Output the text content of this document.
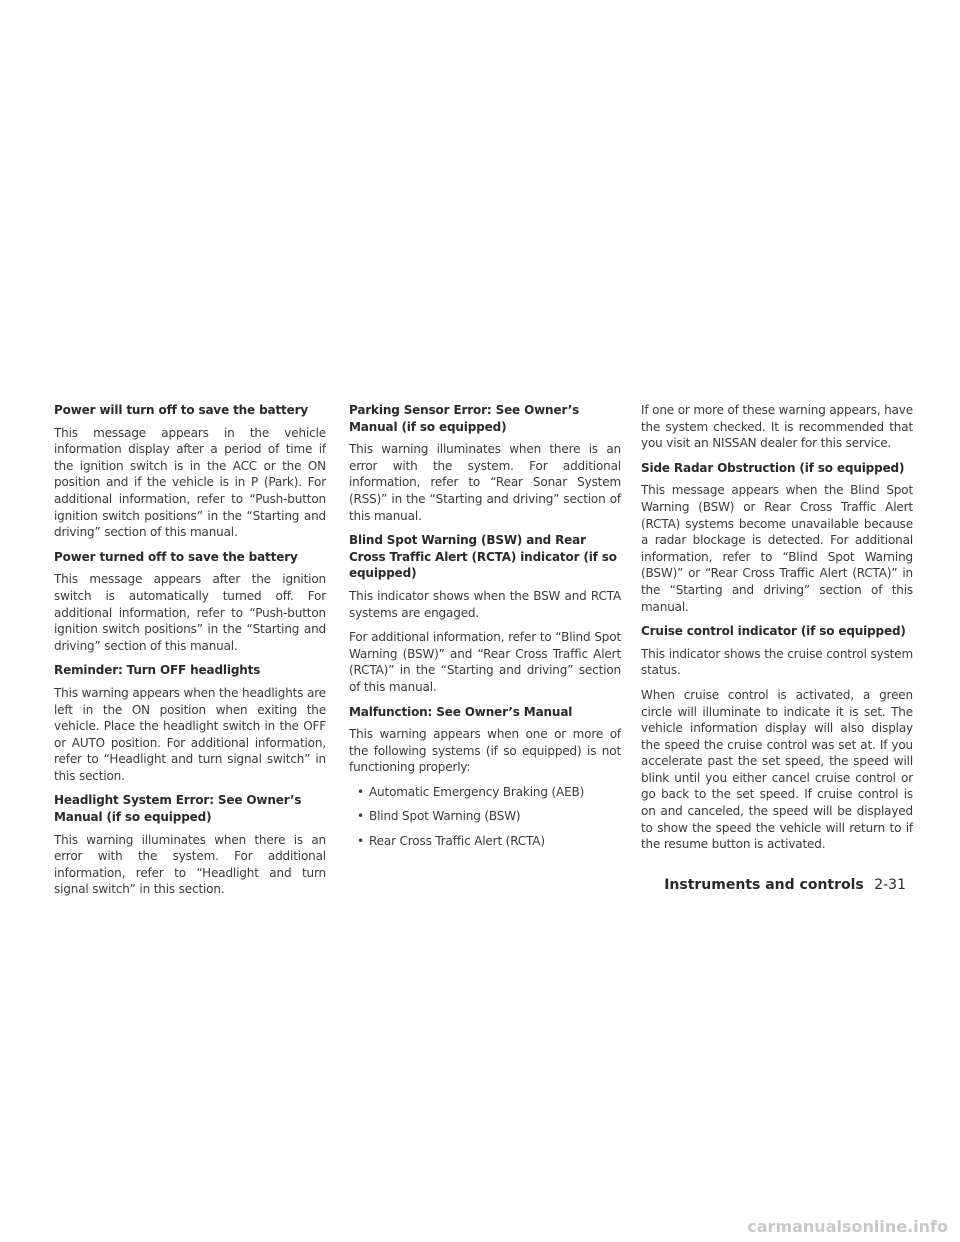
Power will turn off to save the battery

This message appears in the vehicle information display after a period of time if the ignition switch is in the ACC or the ON position and if the vehicle is in P (Park). For additional information, refer to “Push-button ignition switch positions” in the “Starting and driving” section of this manual.

Power turned off to save the battery

This message appears after the ignition switch is automatically turned off. For additional information, refer to “Push-button ignition switch positions” in the “Starting and driving” section of this manual.

Reminder: Turn OFF headlights

This warning appears when the headlights are left in the ON position when exiting the vehicle. Place the headlight switch in the OFF or AUTO position. For additional information, refer to “Headlight and turn signal switch” in this section.

Headlight System Error: See Owner’s Manual (if so equipped)

This warning illuminates when there is an error with the system. For additional information, refer to “Headlight and turn signal switch” in this section.

Parking Sensor Error: See Owner’s Manual (if so equipped)

This warning illuminates when there is an error with the system. For additional information, refer to “Rear Sonar System (RSS)” in the “Starting and driving” section of this manual.

Blind Spot Warning (BSW) and Rear Cross Traffic Alert (RCTA) indicator (if so equipped)

This indicator shows when the BSW and RCTA systems are engaged.

For additional information, refer to “Blind Spot Warning (BSW)” and “Rear Cross Traffic Alert (RCTA)” in the “Starting and driving” section of this manual.

Malfunction: See Owner’s Manual

This warning appears when one or more of the following systems (if so equipped) is not functioning properly:

• Automatic Emergency Braking (AEB)
• Blind Spot Warning (BSW)
• Rear Cross Traffic Alert (RCTA)

If one or more of these warning appears, have the system checked. It is recommended that you visit an NISSAN dealer for this service.

Side Radar Obstruction (if so equipped)

This message appears when the Blind Spot Warning (BSW) or Rear Cross Traffic Alert (RCTA) systems become unavailable because a radar blockage is detected. For additional information, refer to “Blind Spot Warning (BSW)” or “Rear Cross Traffic Alert (RCTA)” in the “Starting and driving” section of this manual.

Cruise control indicator (if so equipped)

This indicator shows the cruise control system status.

When cruise control is activated, a green circle will illuminate to indicate it is set. The vehicle information display will also display the speed the cruise control was set at. If you accelerate past the set speed, the speed will blink until you either cancel cruise control or go back to the set speed. If cruise control is on and canceled, the speed will be displayed to show the speed the vehicle will return to if the resume button is activated.

Instruments and controls 2-31
carmanualsonline.info
